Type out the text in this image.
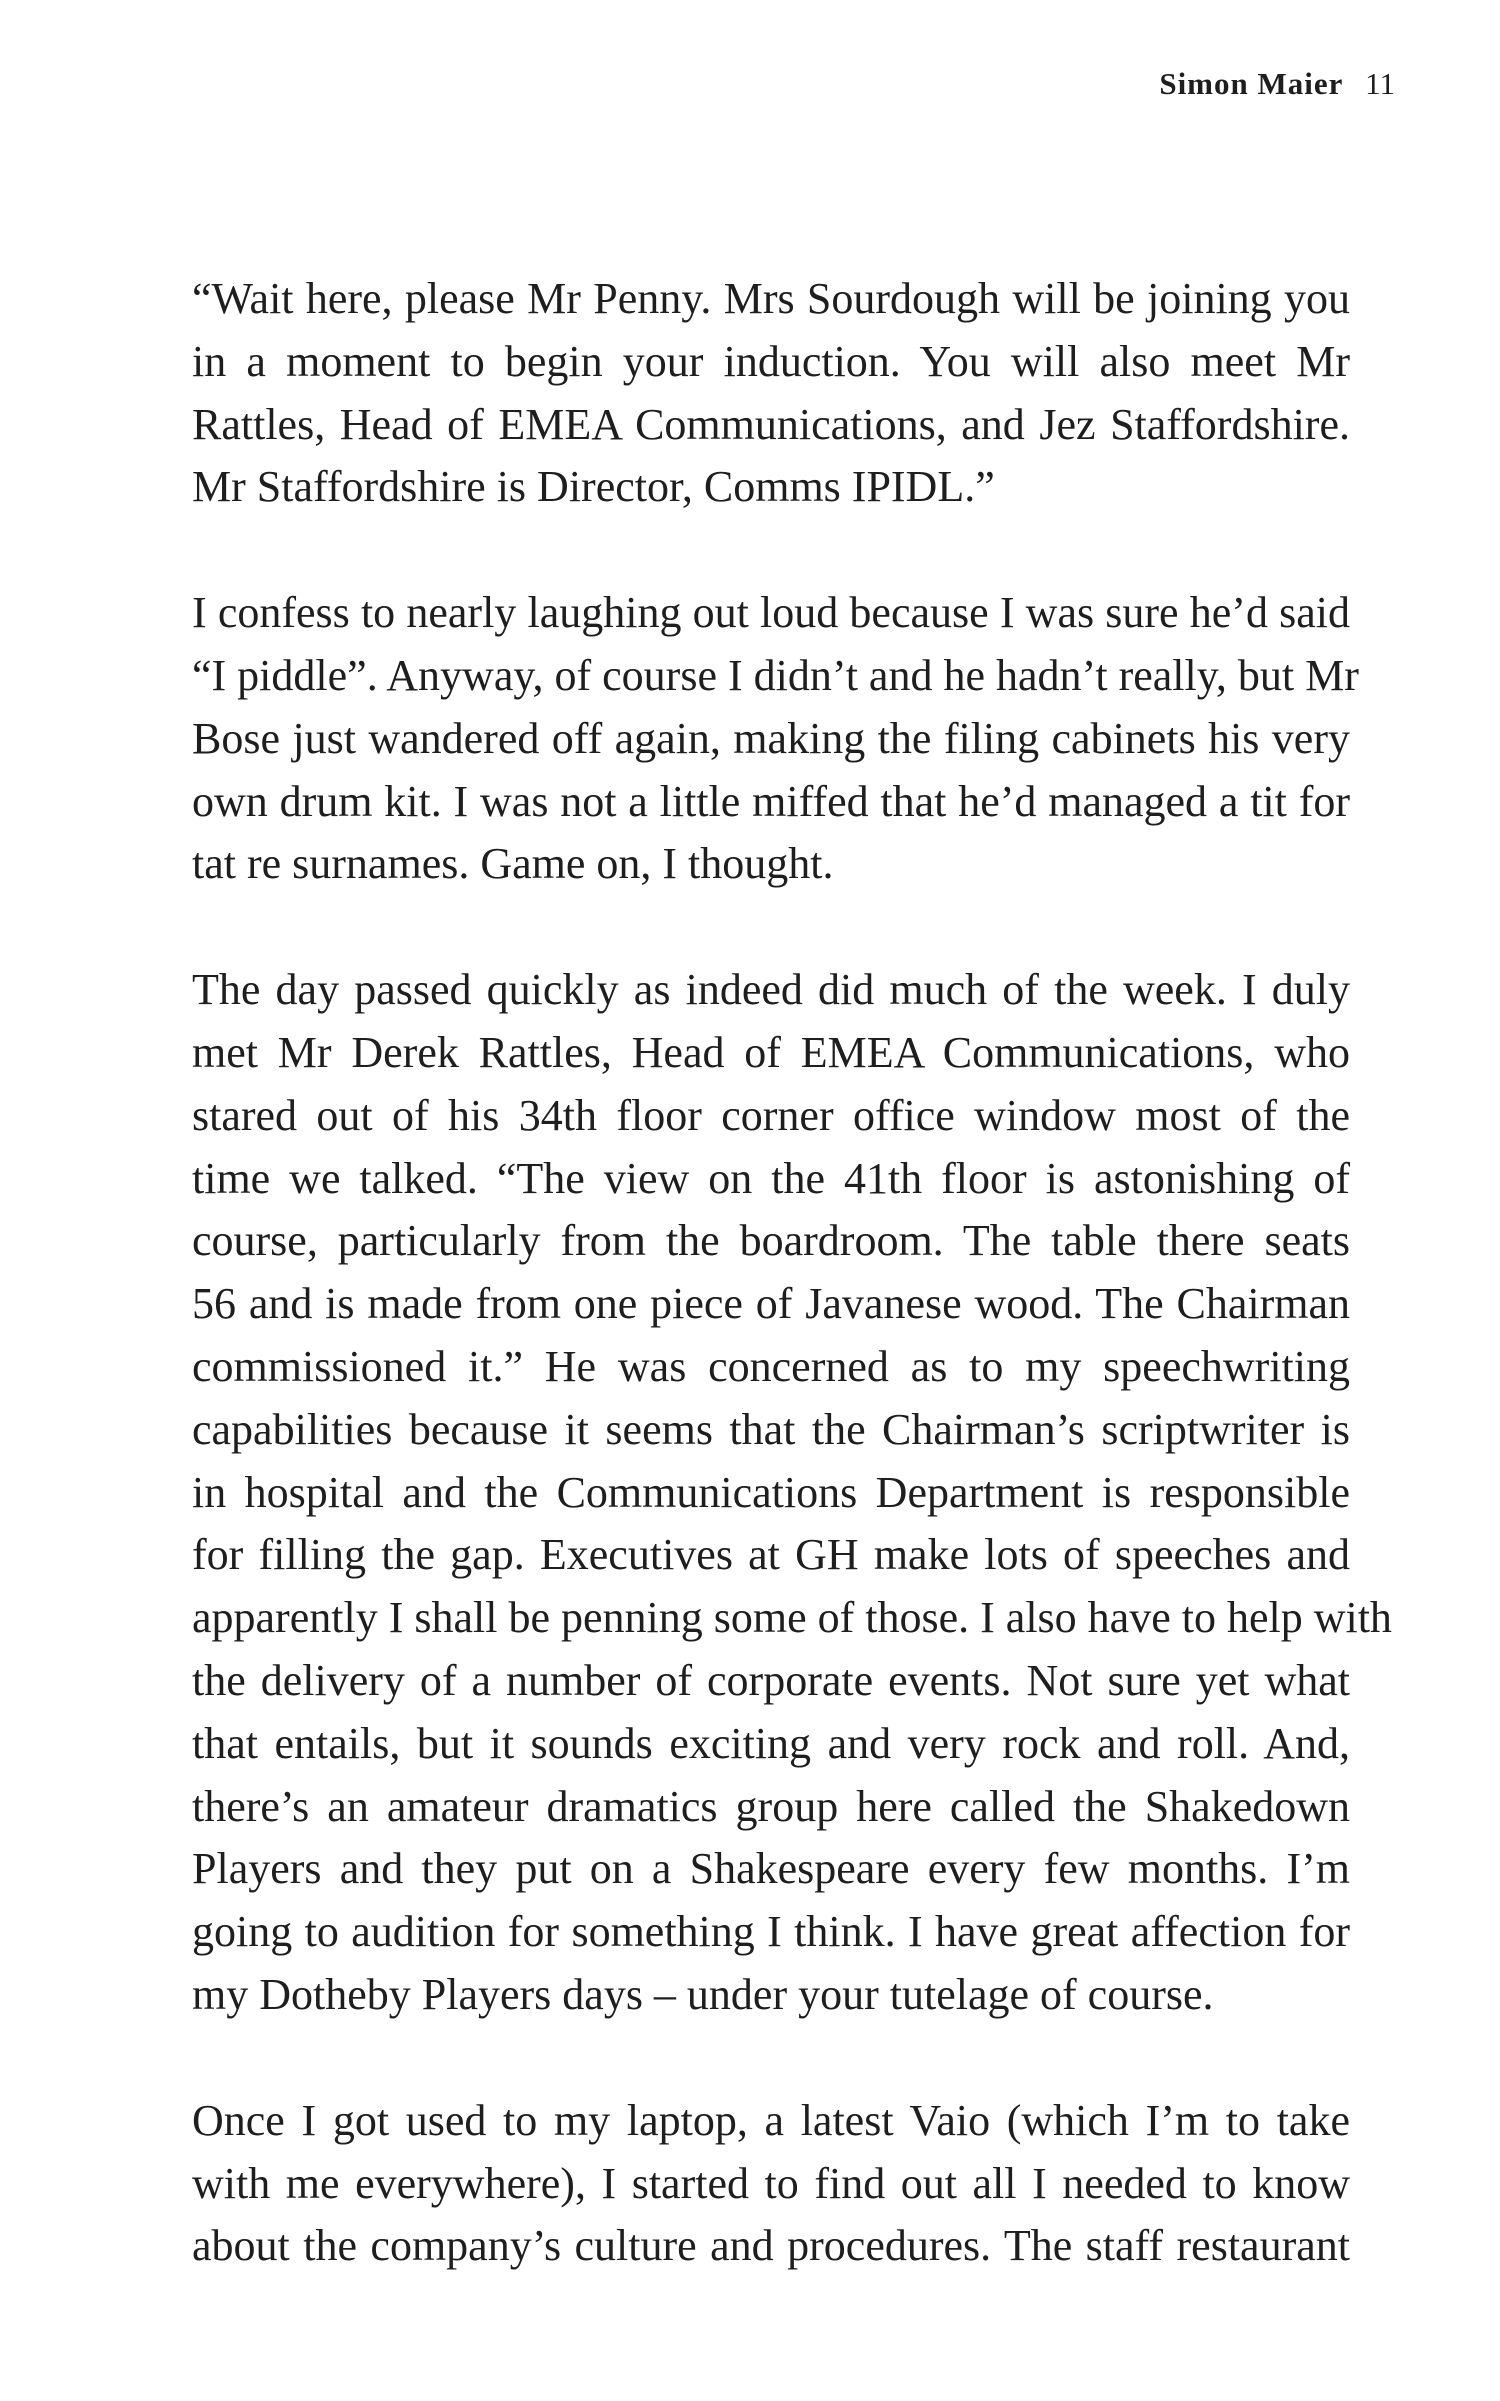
Simon Maier 11
“Wait here, please Mr Penny. Mrs Sourdough will be joining you
in a moment to begin your induction. You will also meet Mr
Rattles, Head of EMEA Communications, and Jez Staffordshire.
Mr Staffordshire is Director, Comms IPIDL.”
I confess to nearly laughing out loud because I was sure he’d said
“I piddle”. Anyway, of course I didn’t and he hadn’t really, but Mr
Bose just wandered off again, making the filing cabinets his very
own drum kit. I was not a little miffed that he’d managed a tit for
tat re surnames. Game on, I thought.
The day passed quickly as indeed did much of the week. I duly
met Mr Derek Rattles, Head of EMEA Communications, who
stared out of his 34th floor corner office window most of the
time we talked. “The view on the 41th floor is astonishing of
course, particularly from the boardroom. The table there seats
56 and is made from one piece of Javanese wood. The Chairman
commissioned it.” He was concerned as to my speechwriting
capabilities because it seems that the Chairman’s scriptwriter is
in hospital and the Communications Department is responsible
for filling the gap. Executives at GH make lots of speeches and
apparently I shall be penning some of those. I also have to help with
the delivery of a number of corporate events. Not sure yet what
that entails, but it sounds exciting and very rock and roll. And,
there’s an amateur dramatics group here called the Shakedown
Players and they put on a Shakespeare every few months. I’m
going to audition for something I think. I have great affection for
my Dotheby Players days – under your tutelage of course.
Once I got used to my laptop, a latest Vaio (which I’m to take
with me everywhere), I started to find out all I needed to know
about the company’s culture and procedures. The staff restaurant
